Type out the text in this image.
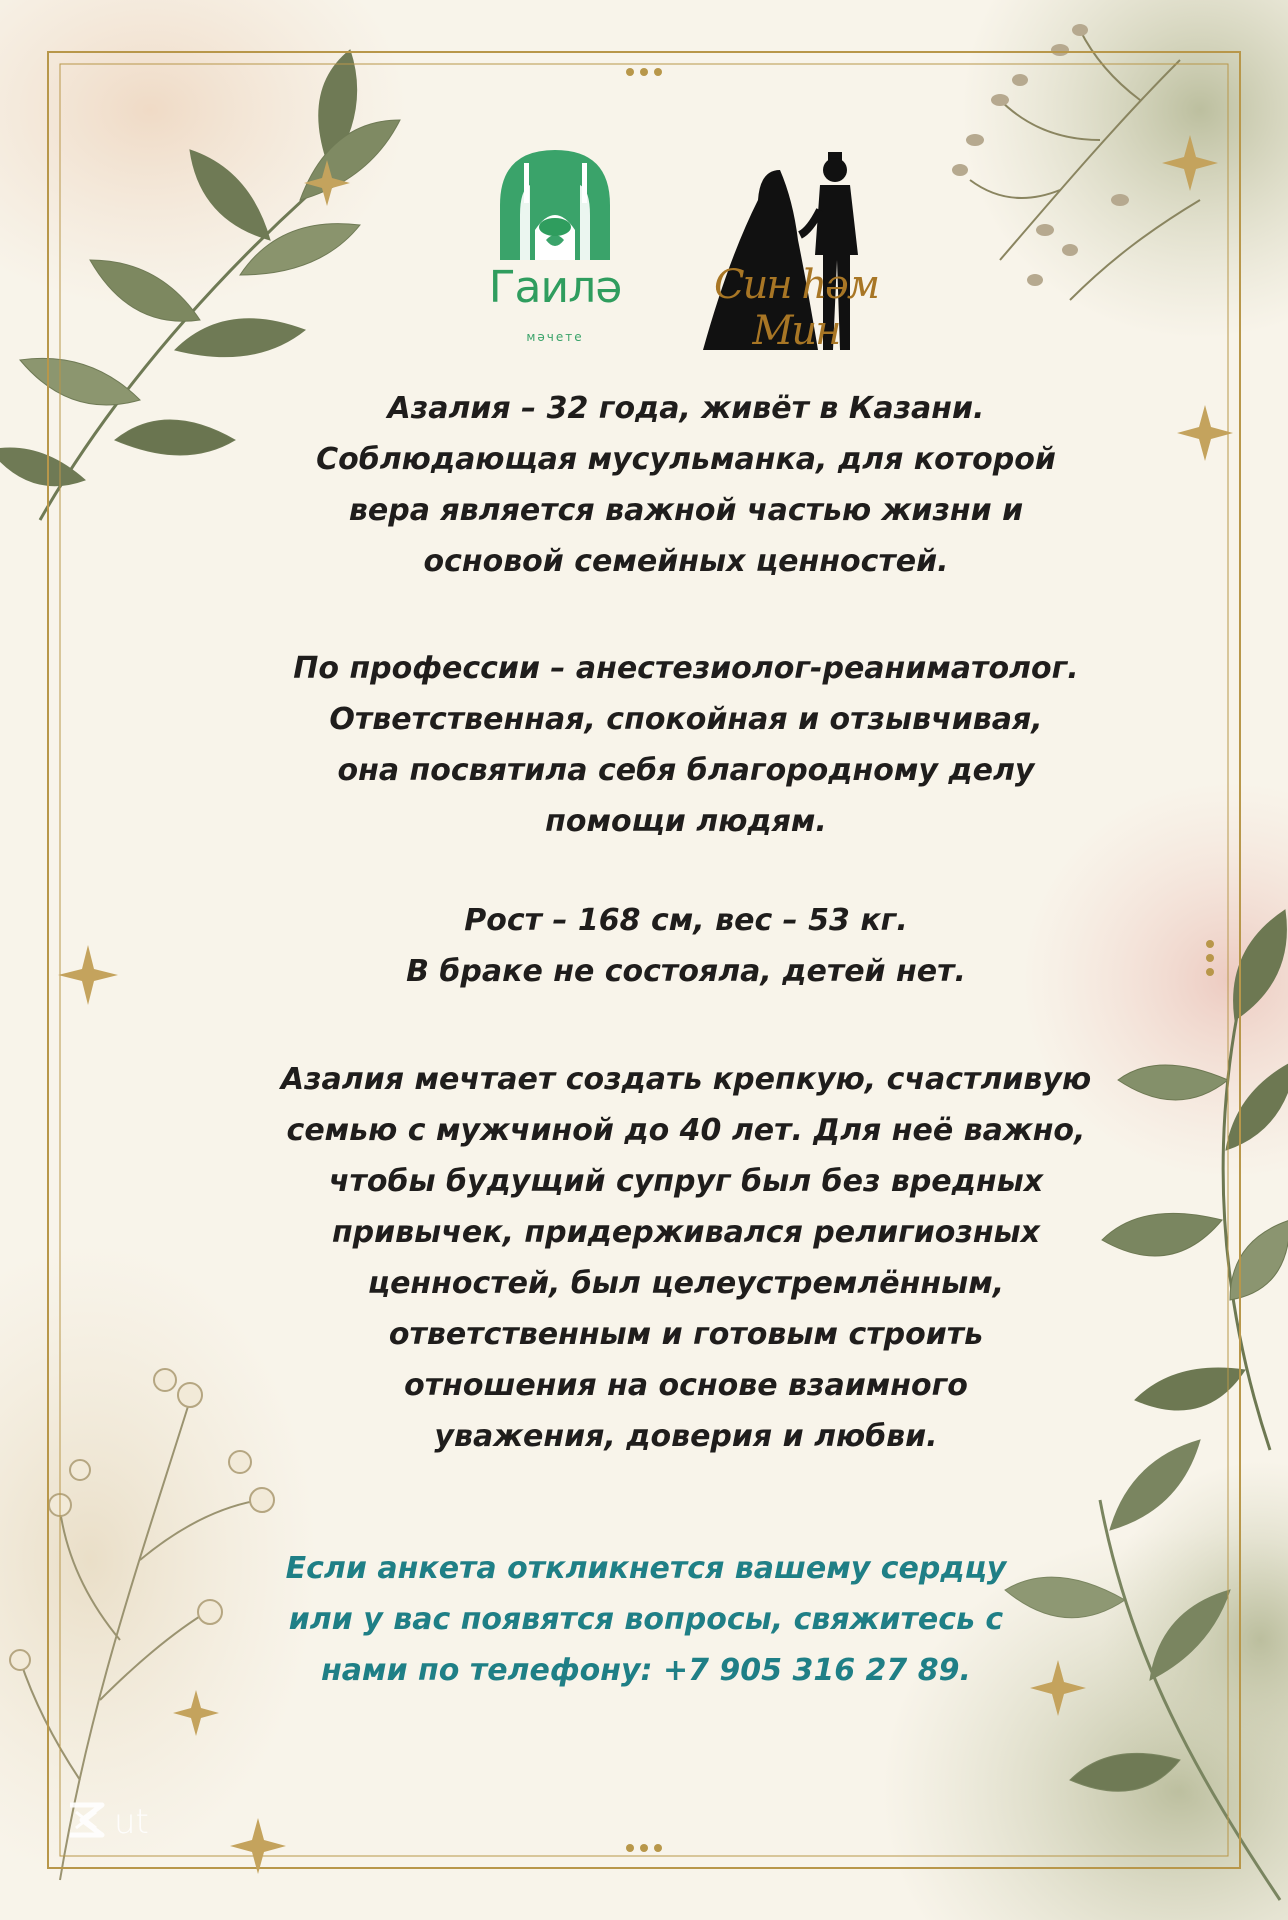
Гаилә
мәчете
Син һәм Мин
Азалия – 32 года, живёт в Казани.
Соблюдающая мусульманка, для которой
вера является важной частью жизни и
основой семейных ценностей.
По профессии – анестезиолог-реаниматолог.
Ответственная, спокойная и отзывчивая,
она посвятила себя благородному делу
помощи людям.
Рост – 168 см, вес – 53 кг.
В браке не состояла, детей нет.
Азалия мечтает создать крепкую, счастливую
семью с мужчиной до 40 лет. Для неё важно,
чтобы будущий супруг был без вредных
привычек, придерживался религиозных
ценностей, был целеустремлённым,
ответственным и готовым строить
отношения на основе взаимного
уважения, доверия и любви.
Если анкета откликнется вашему сердцу
или у вас появятся вопросы, свяжитесь с
нами по телефону: +7 905 316 27 89.
ut
